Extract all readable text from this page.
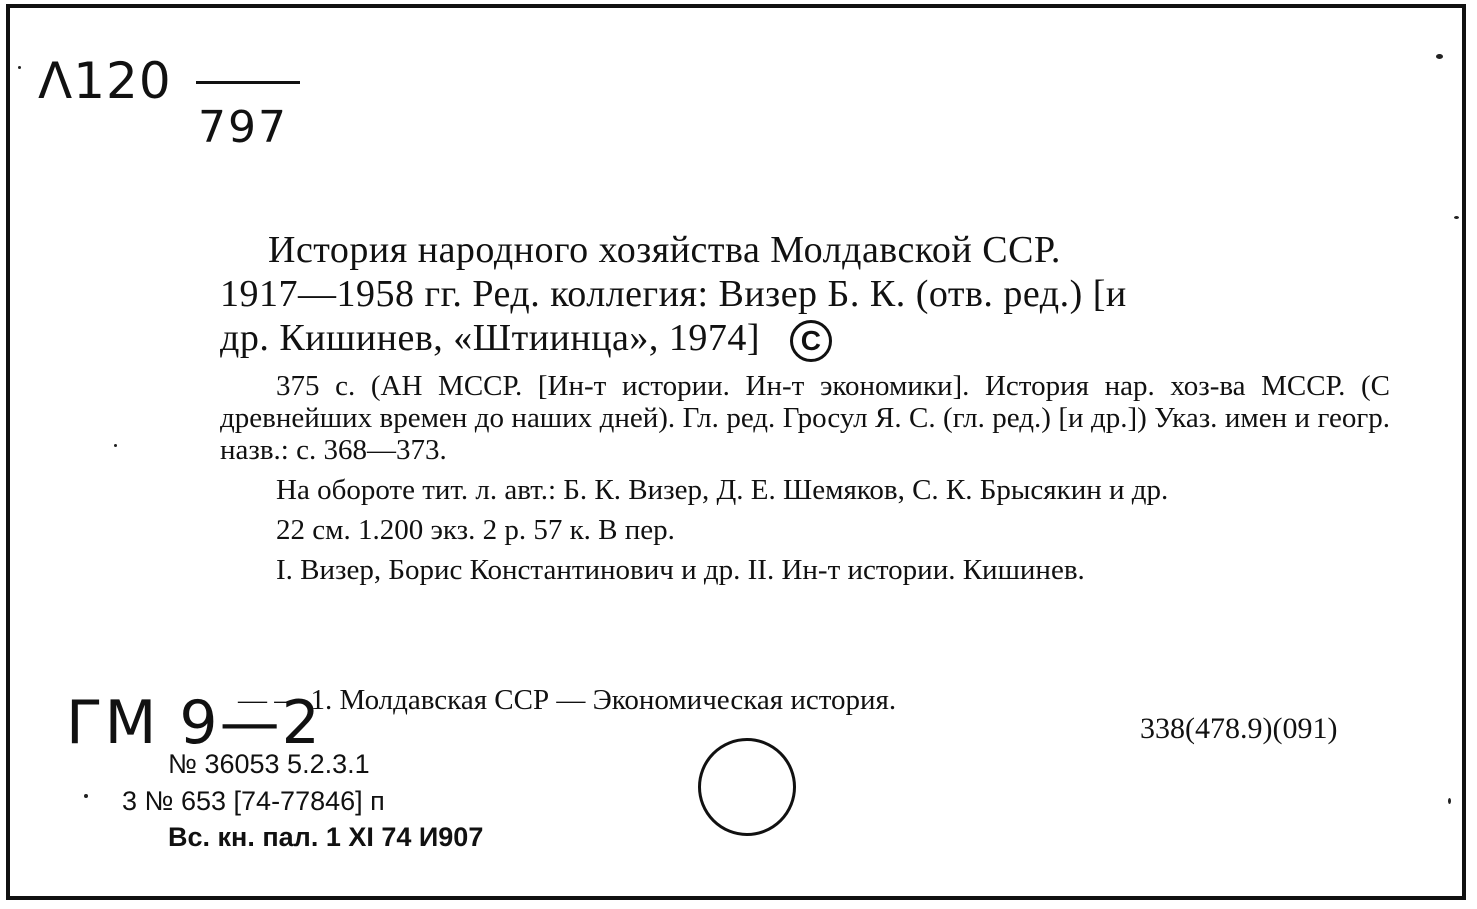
Λ120
797
История народного хозяйства Молдавской ССР.
1917—1958 гг. Ред. коллегия: Визер Б. К. (отв. ред.) [и
др. Кишинев, «Штиинца», 1974] C

375 с. (АН МССР. [Ин-т истории. Ин-т экономики]. История нар. хоз-ва МССР. (С древнейших времен до наших дней). Гл. ред. Гросул Я. С. (гл. ред.) [и др.]) Указ. имен и геогр. назв.: с. 368—373.

На обороте тит. л. авт.: Б. К. Визер, Д. Е. Шемяков, С. К. Брысякин и др.

22 см. 1.200 экз. 2 р. 57 к. В пер.

I. Визер, Борис Константинович и др. II. Ин-т истории. Кишинев.

— — 1. Молдавская ССР — Экономическая история.
338(478.9)(091)
ГМ 9—2
№ 36053 5.2.3.1
3 № 653 [74-77846] п
Вс. кн. пал. 1 XI 74 И907
